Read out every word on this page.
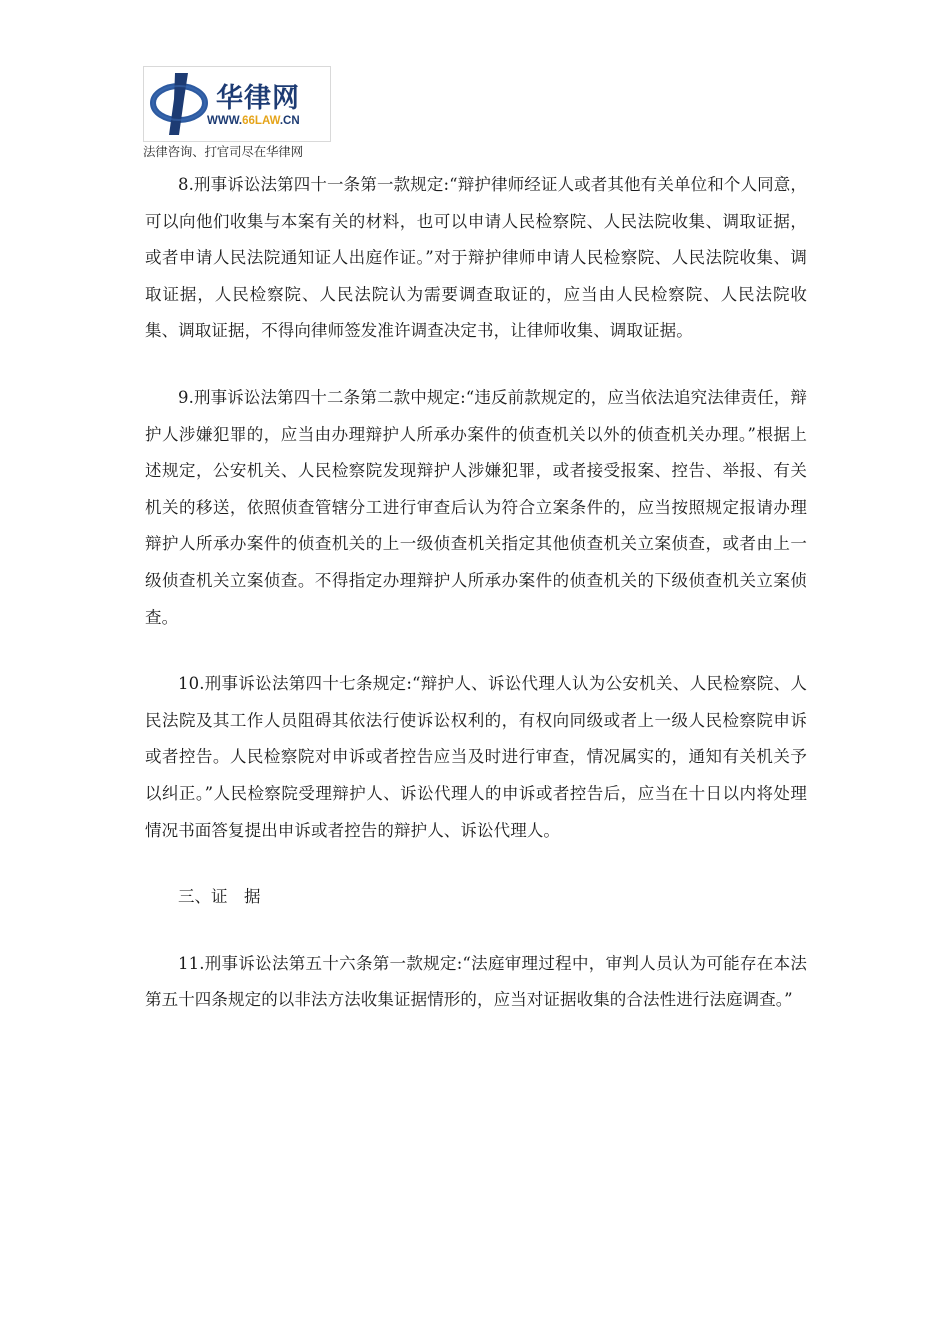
华律网
WWW.66LAW.CN
法律咨询、打官司尽在华律网

8.刑事诉讼法第四十一条第一款规定:“辩护律师经证人或者其他有关单位和个人同意，可以向他们收集与本案有关的材料，也可以申请人民检察院、人民法院收集、调取证据，或者申请人民法院通知证人出庭作证。”对于辩护律师申请人民检察院、人民法院收集、调取证据，人民检察院、人民法院认为需要调查取证的，应当由人民检察院、人民法院收集、调取证据，不得向律师签发准许调查决定书，让律师收集、调取证据。

9.刑事诉讼法第四十二条第二款中规定:“违反前款规定的，应当依法追究法律责任，辩护人涉嫌犯罪的，应当由办理辩护人所承办案件的侦查机关以外的侦查机关办理。”根据上述规定，公安机关、人民检察院发现辩护人涉嫌犯罪，或者接受报案、控告、举报、有关机关的移送，依照侦查管辖分工进行审查后认为符合立案条件的，应当按照规定报请办理辩护人所承办案件的侦查机关的上一级侦查机关指定其他侦查机关立案侦查，或者由上一级侦查机关立案侦查。不得指定办理辩护人所承办案件的侦查机关的下级侦查机关立案侦查。

10.刑事诉讼法第四十七条规定:“辩护人、诉讼代理人认为公安机关、人民检察院、人民法院及其工作人员阻碍其依法行使诉讼权利的，有权向同级或者上一级人民检察院申诉或者控告。人民检察院对申诉或者控告应当及时进行审查，情况属实的，通知有关机关予以纠正。”人民检察院受理辩护人、诉讼代理人的申诉或者控告后，应当在十日以内将处理情况书面答复提出申诉或者控告的辩护人、诉讼代理人。

三、证　据

11.刑事诉讼法第五十六条第一款规定:“法庭审理过程中，审判人员认为可能存在本法第五十四条规定的以非法方法收集证据情形的，应当对证据收集的合法性进行法庭调查。”
